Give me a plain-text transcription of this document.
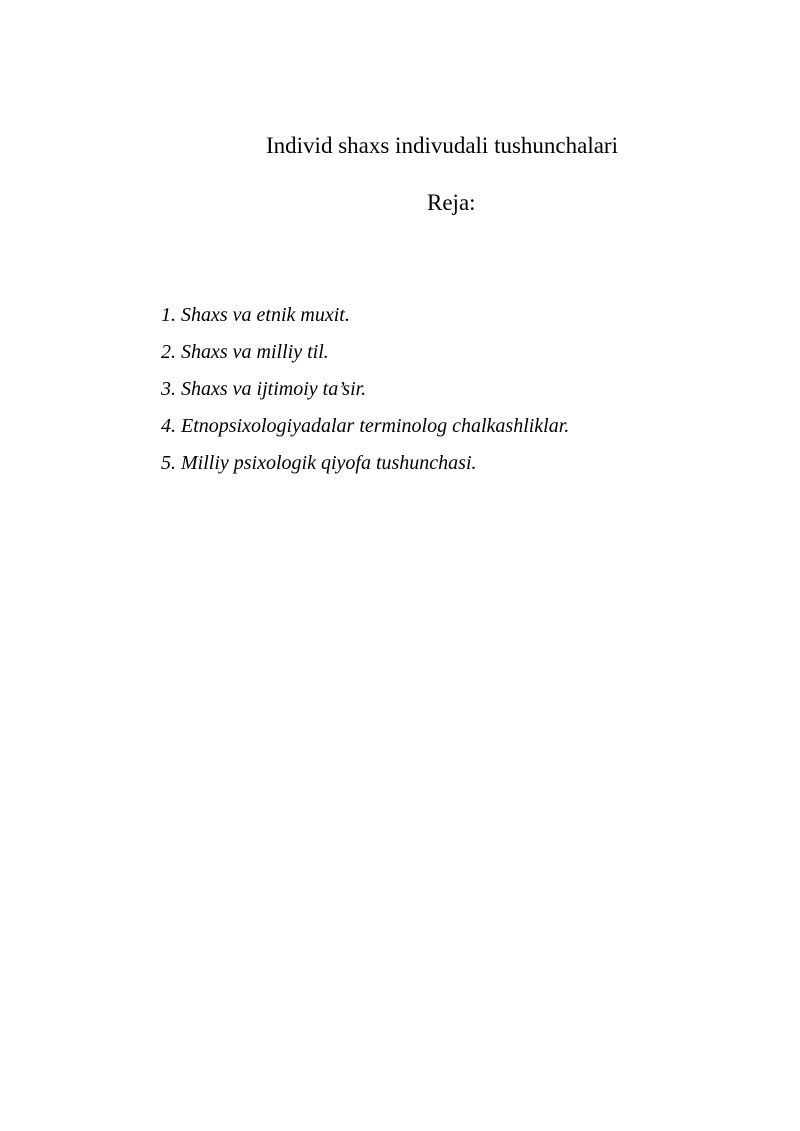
Individ shaxs indivudali tushunchalari
Reja:
1. Shaxs va etnik muxit.
2. Shaxs va milliy til.
3. Shaxs va ijtimoiy ta’sir.
4. Etnopsixologiyadalar terminolog chalkashliklar.
5. Milliy psixologik qiyofa tushunchasi.
